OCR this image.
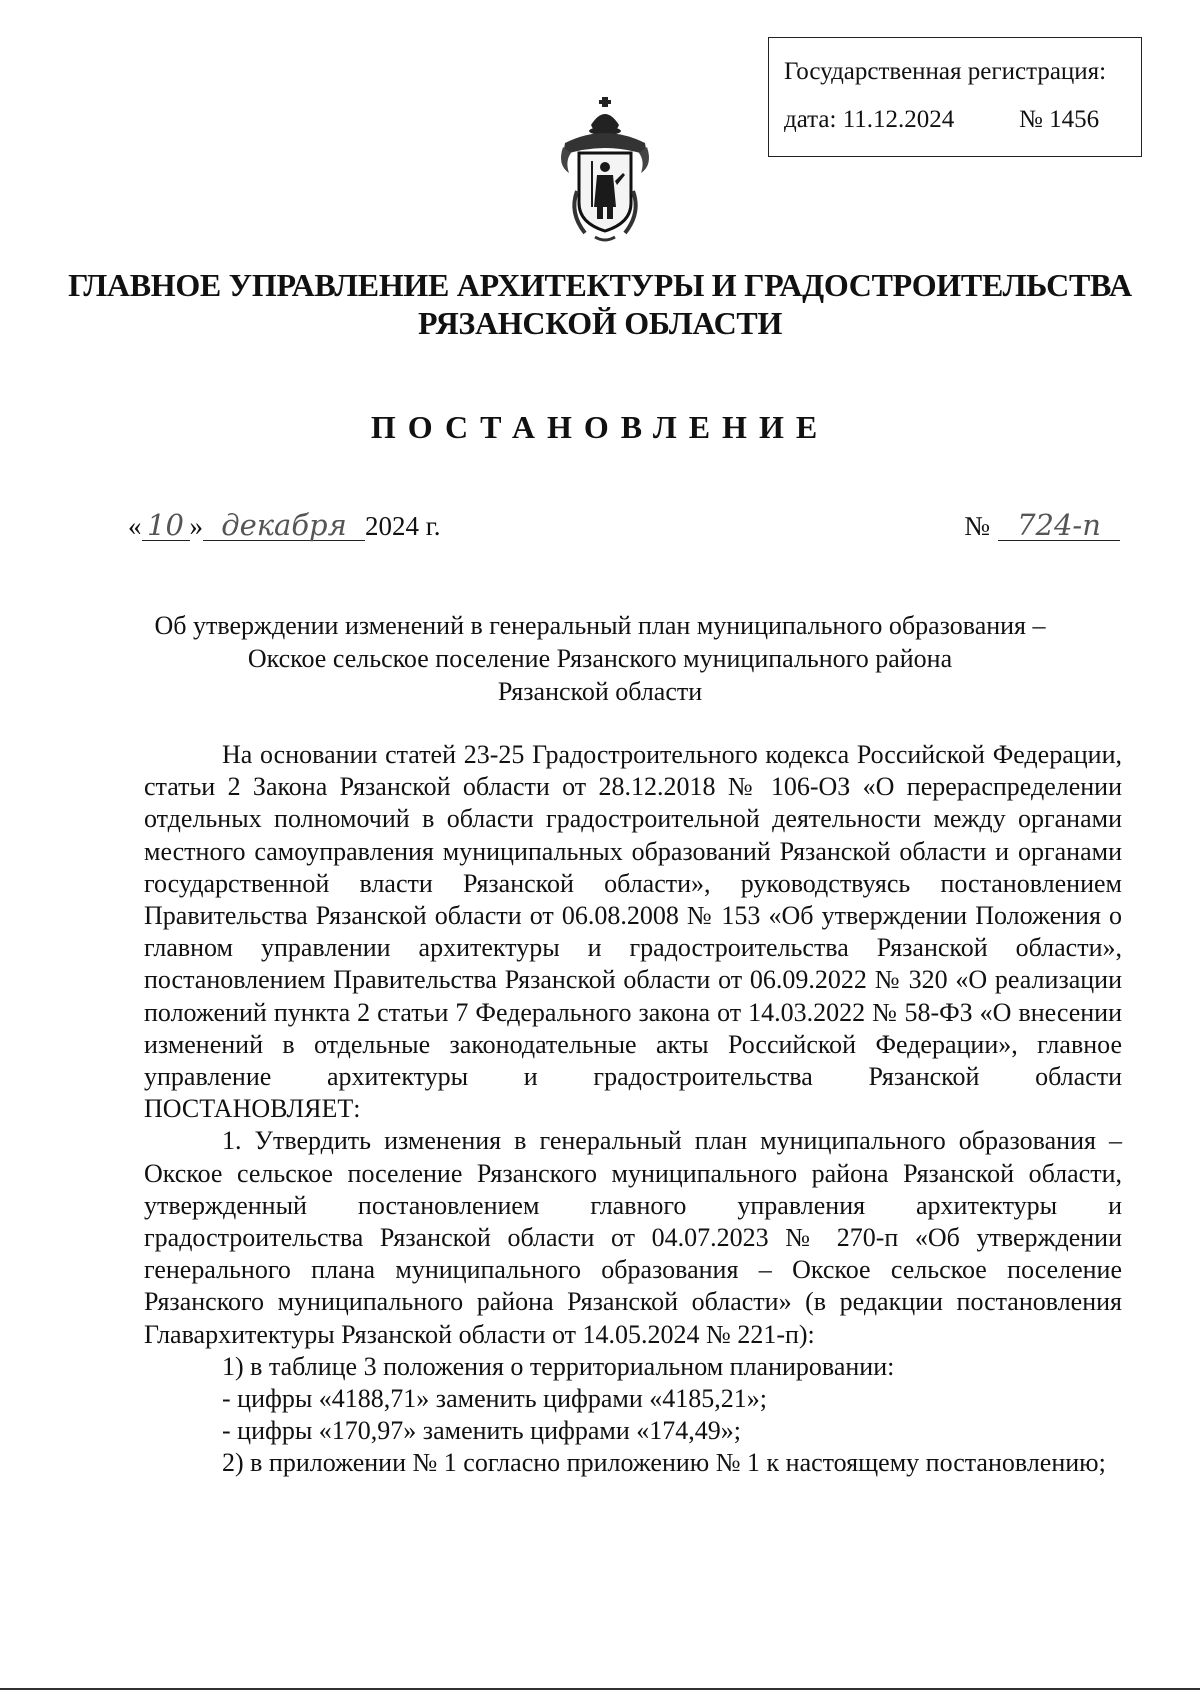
Государственная регистрация:
дата: 11.12.2024	№ 1456
ГЛАВНОЕ УПРАВЛЕНИЕ АРХИТЕКТУРЫ И ГРАДОСТРОИТЕЛЬСТВА
РЯЗАНСКОЙ ОБЛАСТИ
ПОСТАНОВЛЕНИЕ
« 10 » декабря 2024 г.	№ 724-п
Об утверждении изменений в генеральный план муниципального образования –
Окское сельское поселение Рязанского муниципального района
Рязанской области

На основании статей 23-25 Градостроительного кодекса Российской Федерации, статьи 2 Закона Рязанской области от 28.12.2018 № 106-ОЗ «О перераспределении отдельных полномочий в области градостроительной деятельности между органами местного самоуправления муниципальных образований Рязанской области и органами государственной власти Рязанской области», руководствуясь постановлением Правительства Рязанской области от 06.08.2008 № 153 «Об утверждении Положения о главном управлении архитектуры и градостроительства Рязанской области», постановлением Правительства Рязанской области от 06.09.2022 № 320 «О реализации положений пункта 2 статьи 7 Федерального закона от 14.03.2022 № 58-ФЗ «О внесении изменений в отдельные законодательные акты Российской Федерации», главное управление архитектуры и градостроительства Рязанской области

ПОСТАНОВЛЯЕТ:

1. Утвердить изменения в генеральный план муниципального образования – Окское сельское поселение Рязанского муниципального района Рязанской области, утвержденный постановлением главного управления архитектуры и градостроительства Рязанской области от 04.07.2023 № 270-п «Об утверждении генерального плана муниципального образования – Окское сельское поселение Рязанского муниципального района Рязанской области» (в редакции постановления Главархитектуры Рязанской области от 14.05.2024 № 221-п):

1) в таблице 3 положения о территориальном планировании:

- цифры «4188,71» заменить цифрами «4185,21»;

- цифры «170,97» заменить цифрами «174,49»;

2) в приложении № 1 согласно приложению № 1 к настоящему постановлению;
